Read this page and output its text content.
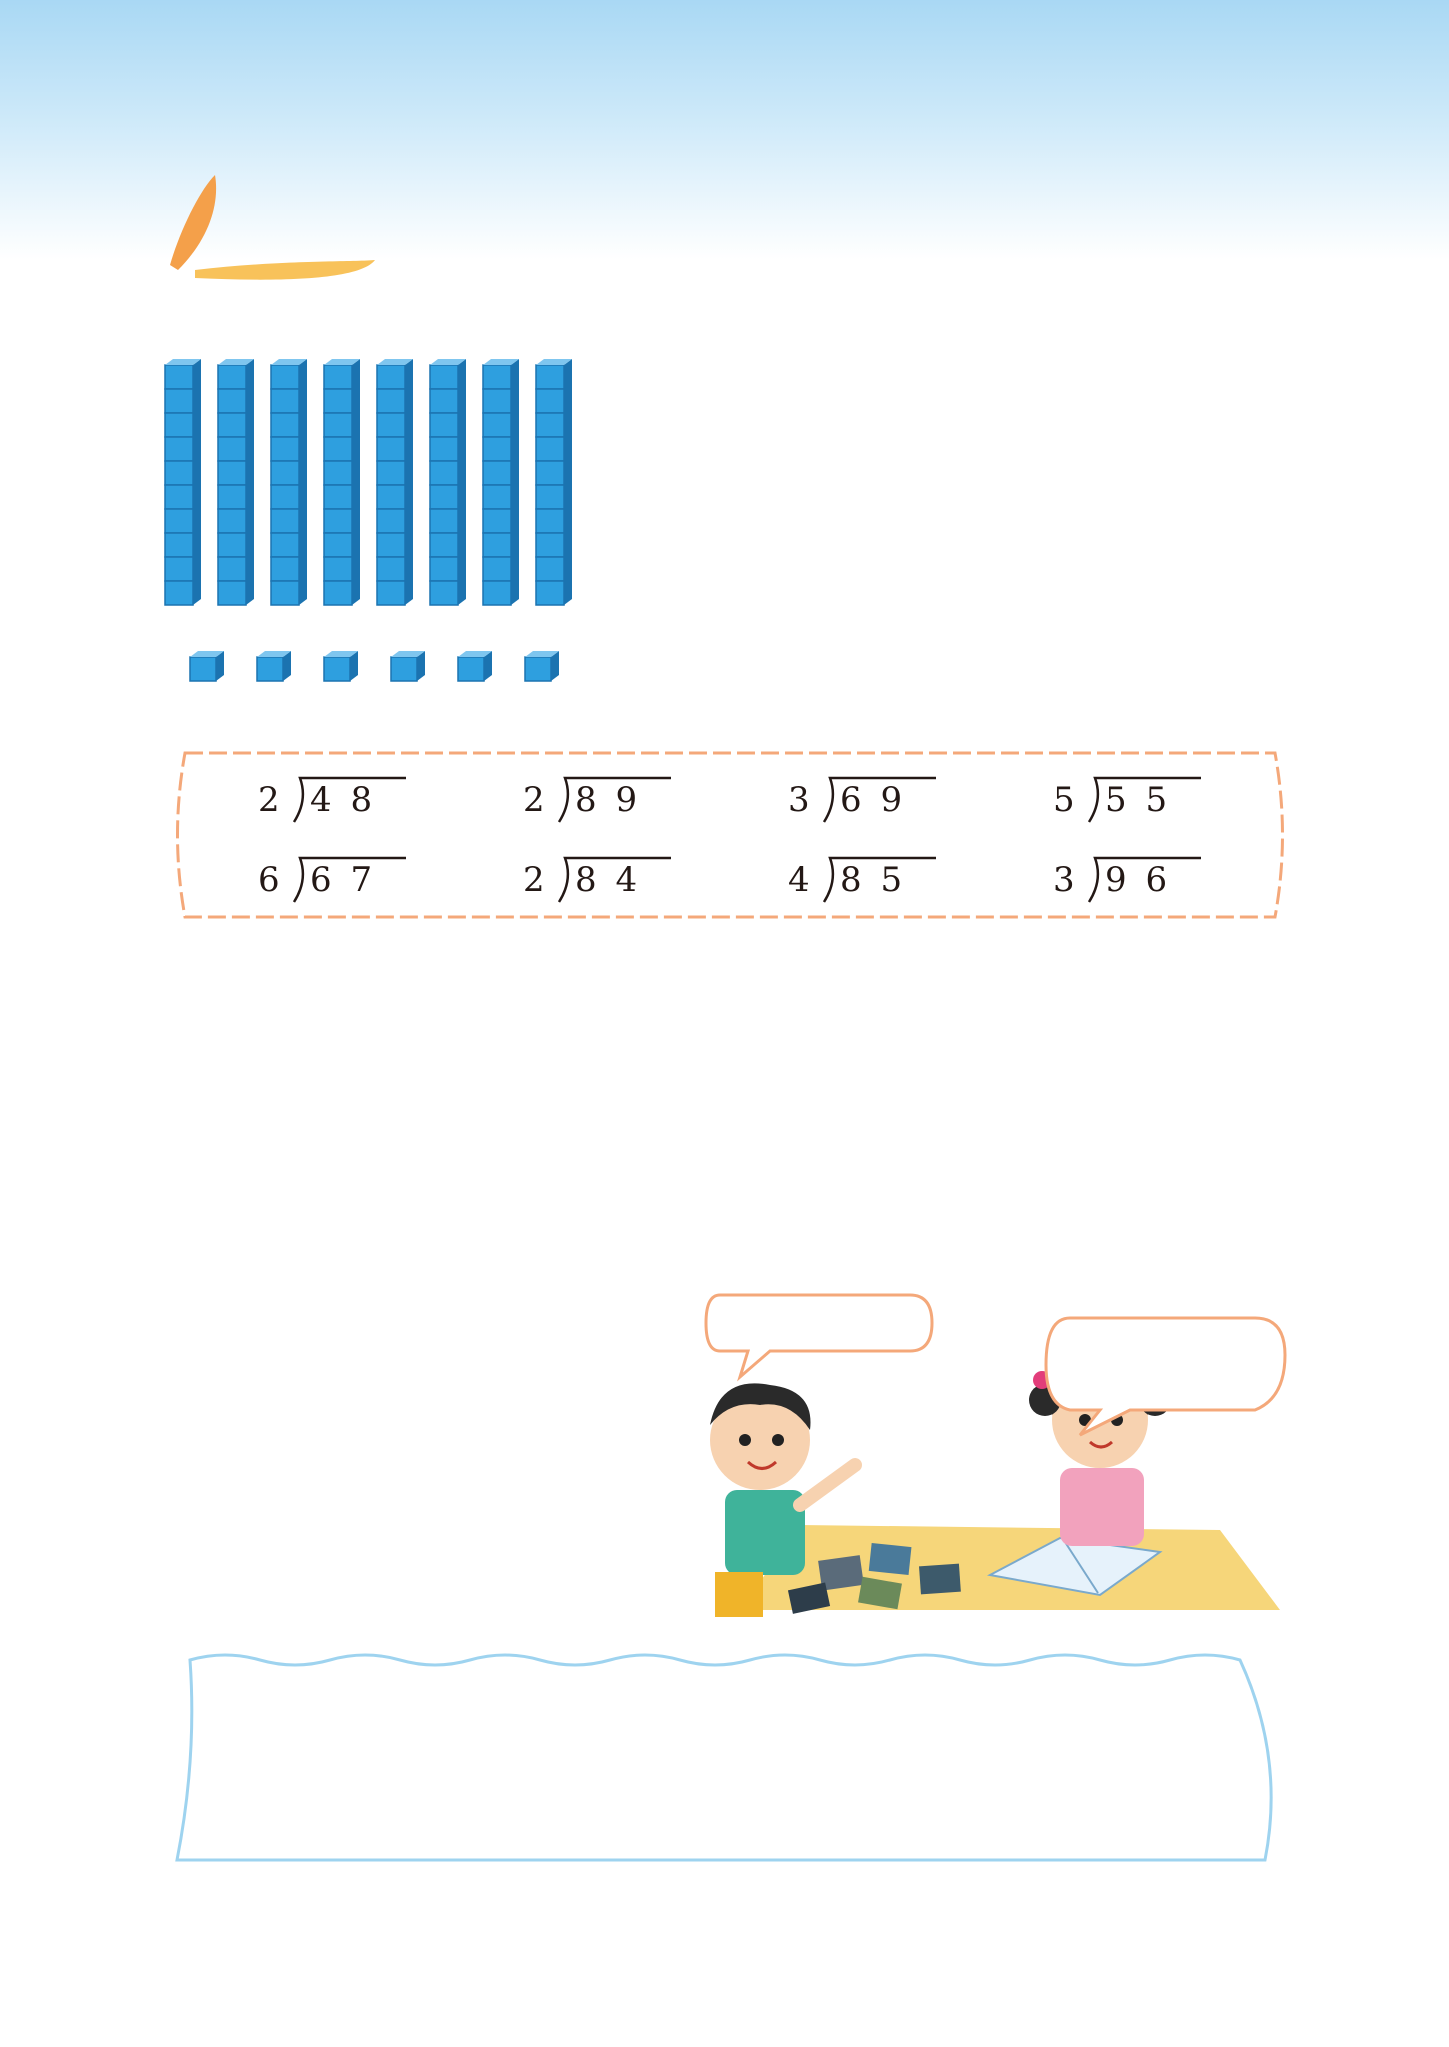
2 4 8	2 8 9	3 6 9	5 5 5
6 6 7	2 8 4	4 8 5	3 9 6
